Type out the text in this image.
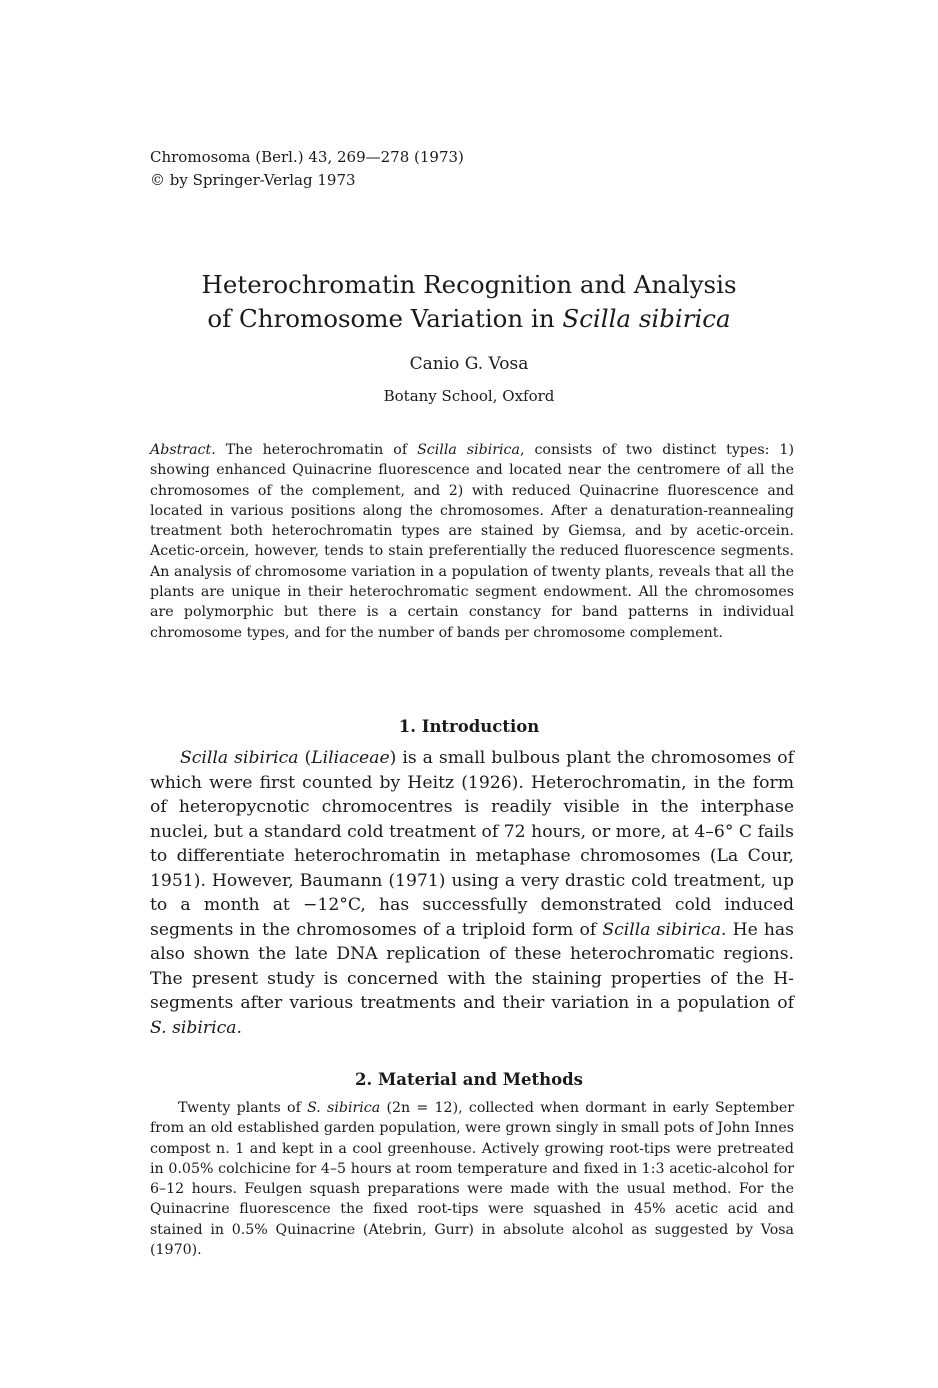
Chromosoma (Berl.) 43, 269—278 (1973)
© by Springer-Verlag 1973
Heterochromatin Recognition and Analysis
of Chromosome Variation in Scilla sibirica
Canio G. Vosa
Botany School, Oxford
Abstract. The heterochromatin of Scilla sibirica, consists of two distinct types: 1) showing enhanced Quinacrine fluorescence and located near the centromere of all the chromosomes of the complement, and 2) with reduced Quinacrine fluorescence and located in various positions along the chromosomes. After a denaturation-reannealing treatment both heterochromatin types are stained by Giemsa, and by acetic-orcein. Acetic-orcein, however, tends to stain preferentially the reduced fluorescence segments. An analysis of chromosome variation in a population of twenty plants, reveals that all the plants are unique in their heterochromatic segment endowment. All the chromosomes are polymorphic but there is a certain constancy for band patterns in individual chromosome types, and for the number of bands per chromosome complement.
1. Introduction
Scilla sibirica (Liliaceae) is a small bulbous plant the chromosomes of which were first counted by Heitz (1926). Heterochromatin, in the form of heteropycnotic chromocentres is readily visible in the interphase nuclei, but a standard cold treatment of 72 hours, or more, at 4–6° C fails to differentiate heterochromatin in metaphase chromosomes (La Cour, 1951). However, Baumann (1971) using a very drastic cold treatment, up to a month at −12°C, has successfully demonstrated cold induced segments in the chromosomes of a triploid form of Scilla sibirica. He has also shown the late DNA replication of these heterochromatic regions. The present study is concerned with the staining properties of the H-segments after various treatments and their variation in a population of S. sibirica.
2. Material and Methods
Twenty plants of S. sibirica (2n = 12), collected when dormant in early September from an old established garden population, were grown singly in small pots of John Innes compost n. 1 and kept in a cool greenhouse. Actively growing root-tips were pretreated in 0.05% colchicine for 4–5 hours at room temperature and fixed in 1:3 acetic-alcohol for 6–12 hours. Feulgen squash preparations were made with the usual method. For the Quinacrine fluorescence the fixed root-tips were squashed in 45% acetic acid and stained in 0.5% Quinacrine (Atebrin, Gurr) in absolute alcohol as suggested by Vosa (1970).
